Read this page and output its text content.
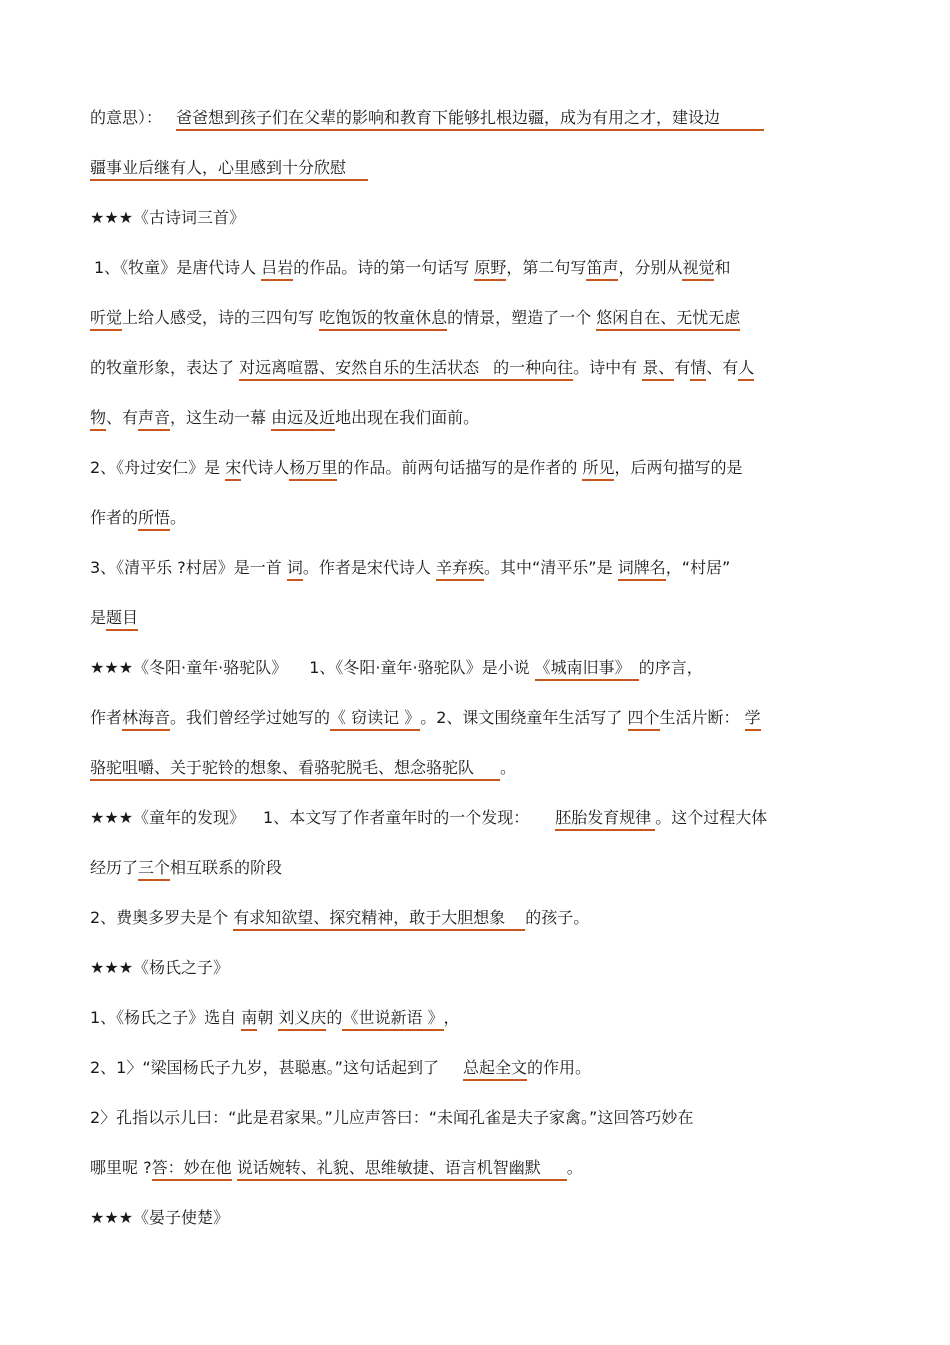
的意思）： 爸爸想到孩子们在父辈的影响和教育下能够扎根边疆，成为有用之才，建设边
疆事业后继有人，心里感到十分欣慰
★★★《古诗词三首》
1、《牧童》是唐代诗人 吕岩的作品。诗的第一句话写 原野，第二句写笛声，分别从视觉和
听觉上给人感受，诗的三四句写 吃饱饭的牧童休息的情景，塑造了一个 悠闲自在、无忧无虑
的牧童形象，表达了 对远离喧嚣、安然自乐的生活状态 的一种向往。诗中有 景、有情、有人
物、有声音，这生动一幕 由远及近地出现在我们面前。
2、《舟过安仁》是 宋代诗人杨万里的作品。前两句话描写的是作者的 所见，后两句描写的是
作者的所悟。
3、《清平乐 ?村居》是一首 词。作者是宋代诗人 辛弃疾。其中“清平乐”是 词牌名，“村居”
是题目
★★★《冬阳·童年·骆驼队》 1、《冬阳·童年·骆驼队》是小说 《城南旧事》 的序言，
作者林海音。我们曾经学过她写的《 窃读记 》。2、课文围绕童年生活写了 四个生活片断： 学
骆驼咀嚼、关于驼铃的想象、看骆驼脱毛、想念骆驼队 。
★★★《童年的发现》 1、本文写了作者童年时的一个发现： 胚胎发育规律 。这个过程大体
经历了三个相互联系的阶段
2、费奥多罗夫是个 有求知欲望、探究精神，敢于大胆想象 的孩子。
★★★《杨氏之子》
1、《杨氏之子》选自 南朝 刘义庆的《世说新语 》，
2、1〉“梁国杨氏子九岁，甚聪惠。”这句话起到了 总起全文的作用。
2〉孔指以示儿曰：“此是君家果。”儿应声答曰：“未闻孔雀是夫子家禽。”这回答巧妙在
哪里呢 ?答：妙在他 说话婉转、礼貌、思维敏捷、语言机智幽默 。
★★★《晏子使楚》
